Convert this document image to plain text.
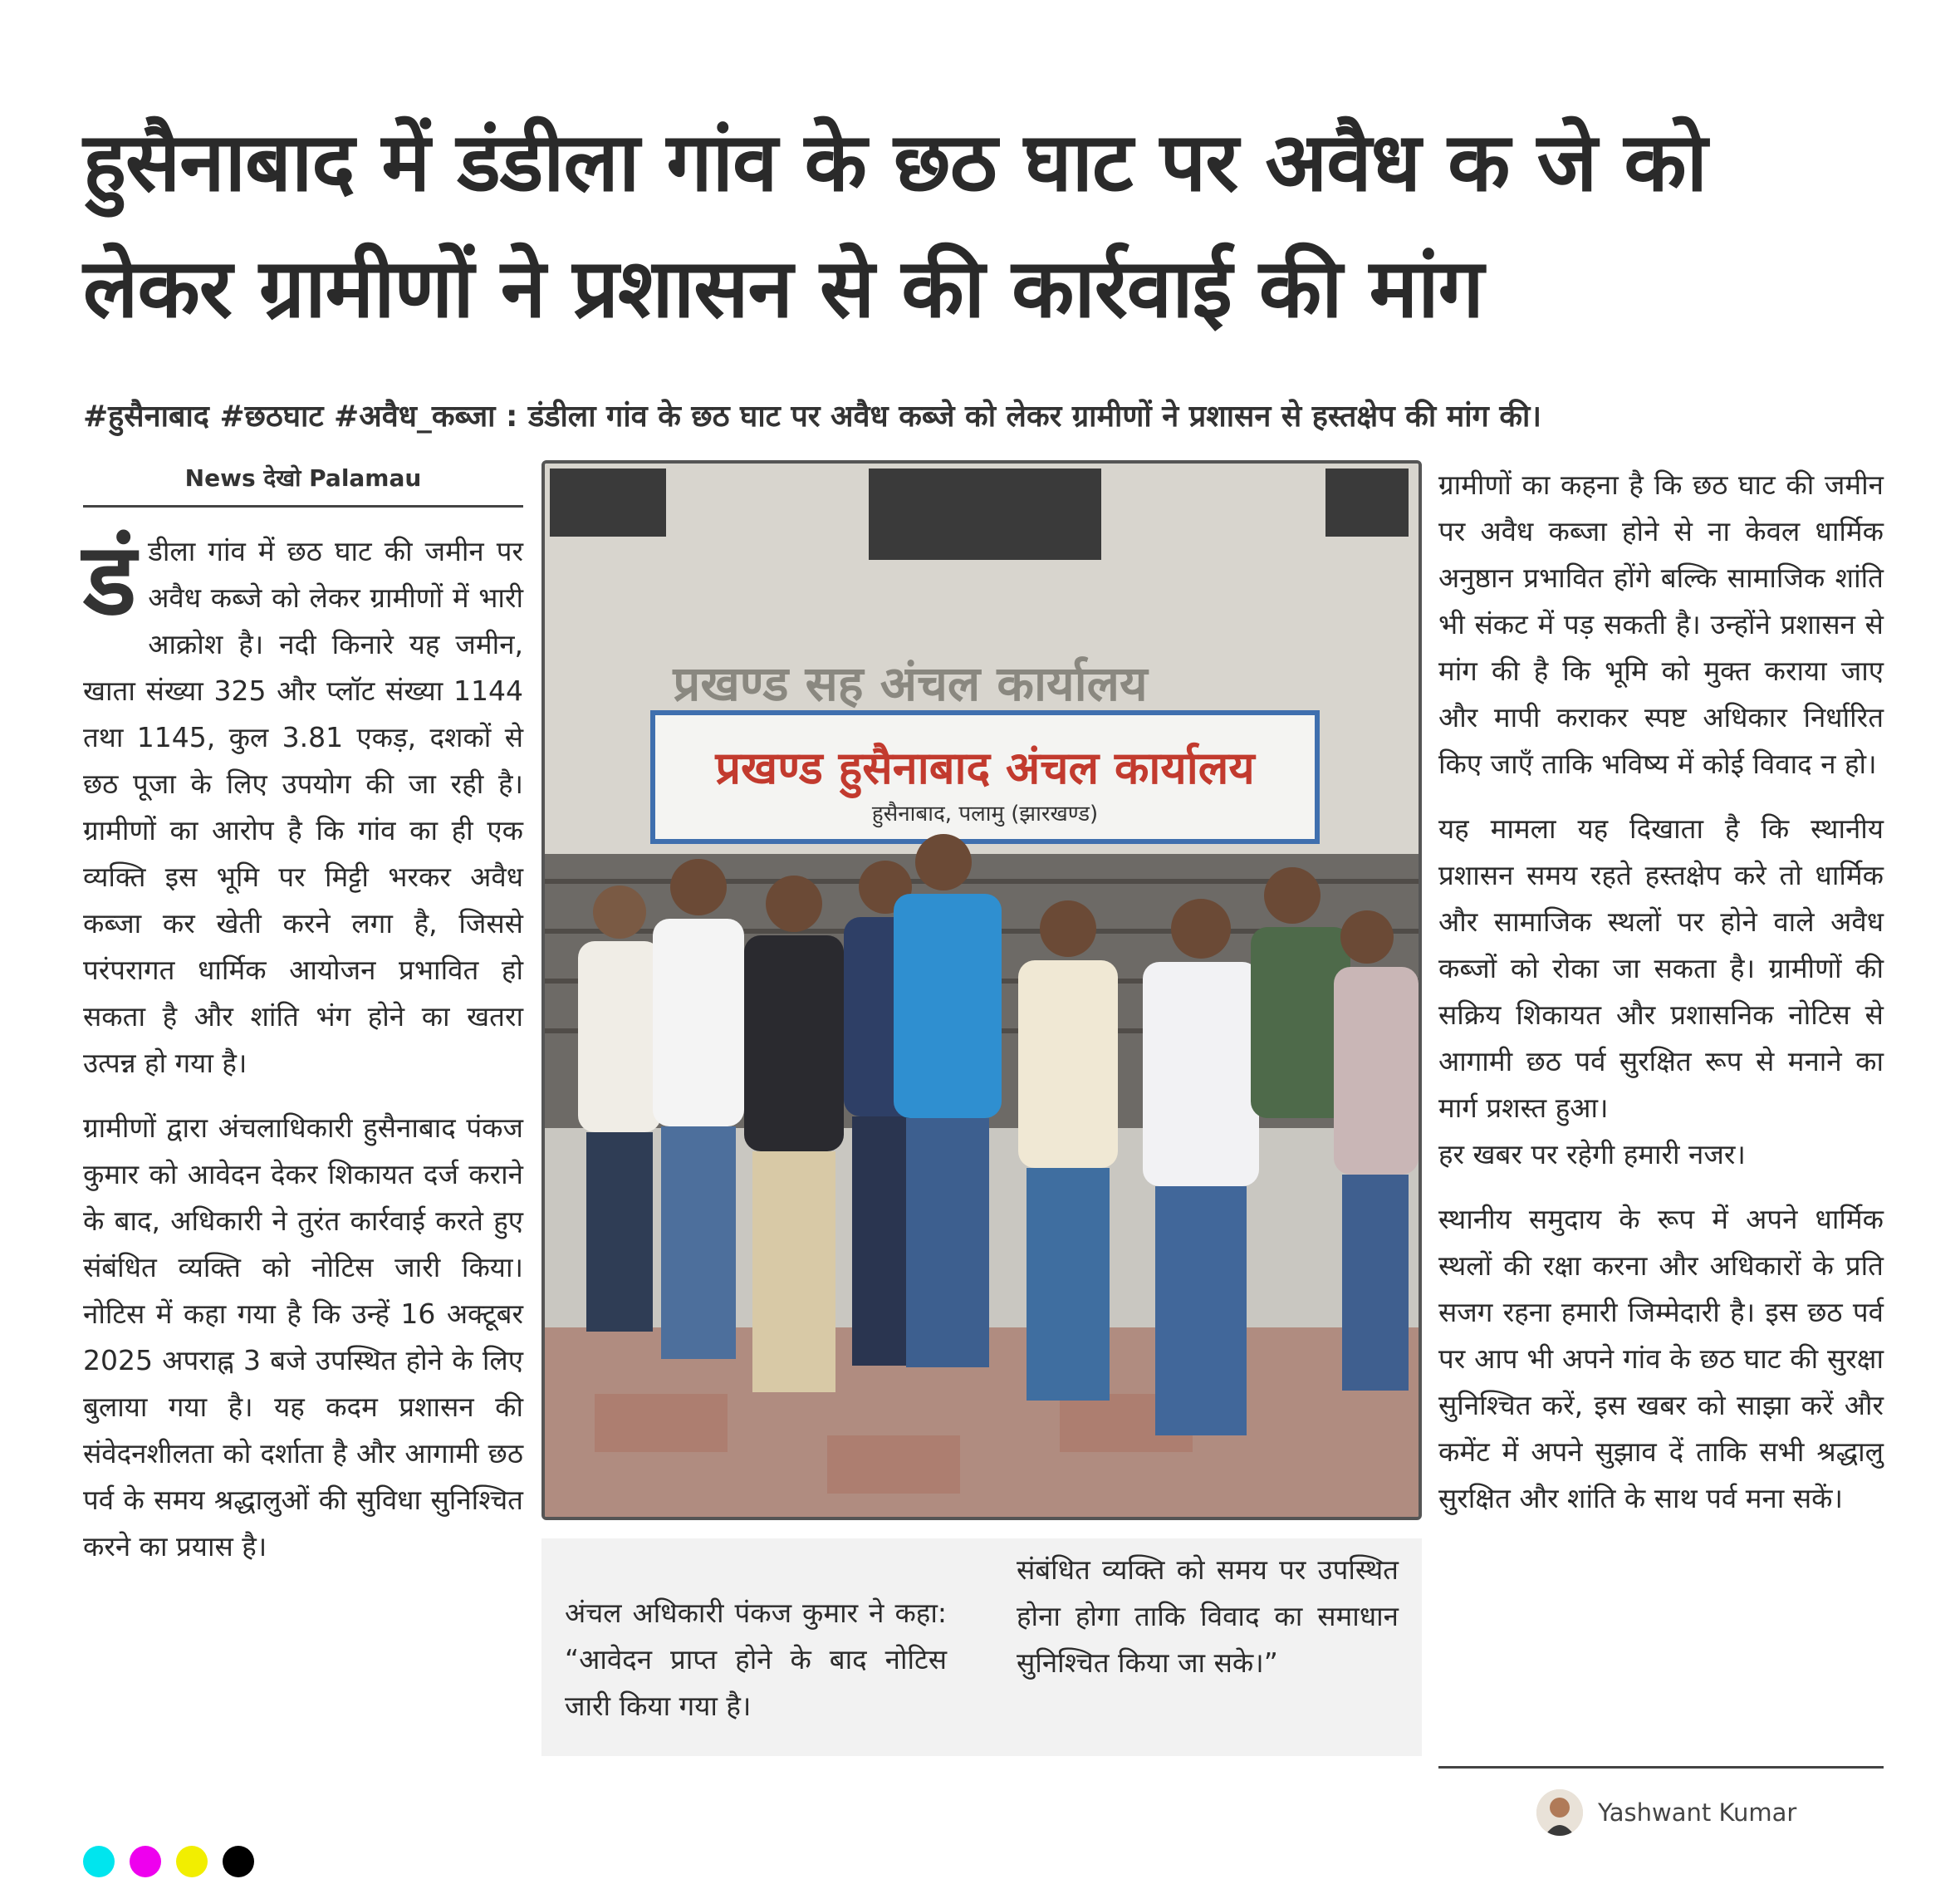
हुसैनाबाद में डंडीला गांव के छठ घाट पर अवैध क जे को
लेकर ग्रामीणों ने प्रशासन से की कार्रवाई की मांग
#हुसैनाबाद #छठघाट #अवैध_कब्जा : डंडीला गांव के छठ घाट पर अवैध कब्जे को लेकर ग्रामीणों ने प्रशासन से हस्तक्षेप की मांग की।
News देखो Palamau

डंडीला गांव में छठ घाट की जमीन पर अवैध कब्जे को लेकर ग्रामीणों में भारी आक्रोश है। नदी किनारे यह जमीन, खाता संख्या 325 और प्लॉट संख्या 1144 तथा 1145, कुल 3.81 एकड़, दशकों से छठ पूजा के लिए उपयोग की जा रही है। ग्रामीणों का आरोप है कि गांव का ही एक व्यक्ति इस भूमि पर मिट्टी भरकर अवैध कब्जा कर खेती करने लगा है, जिससे परंपरागत धार्मिक आयोजन प्रभावित हो सकता है और शांति भंग होने का खतरा उत्पन्न हो गया है।

ग्रामीणों द्वारा अंचलाधिकारी हुसैनाबाद पंकज कुमार को आवेदन देकर शिकायत दर्ज कराने के बाद, अधिकारी ने तुरंत कार्रवाई करते हुए संबंधित व्यक्ति को नोटिस जारी किया। नोटिस में कहा गया है कि उन्हें 16 अक्टूबर 2025 अपराह्न 3 बजे उपस्थित होने के लिए बुलाया गया है। यह कदम प्रशासन की संवेदनशीलता को दर्शाता है और आगामी छठ पर्व के समय श्रद्धालुओं की सुविधा सुनिश्चित करने का प्रयास है।

प्रखण्ड सह अंचल कार्यालय
प्रखण्ड हुसैनाबाद अंचल कार्यालय
हुसैनाबाद, पलामु (झारखण्ड)
अंचल अधिकारी पंकज कुमार ने कहा: “आवेदन प्राप्त होने के बाद नोटिस जारी किया गया है।
संबंधित व्यक्ति को समय पर उपस्थित होना होगा ताकि विवाद का समाधान सुनिश्चित किया जा सके।”

ग्रामीणों का कहना है कि छठ घाट की जमीन पर अवैध कब्जा होने से ना केवल धार्मिक अनुष्ठान प्रभावित होंगे बल्कि सामाजिक शांति भी संकट में पड़ सकती है। उन्होंने प्रशासन से मांग की है कि भूमि को मुक्त कराया जाए और मापी कराकर स्पष्ट अधिकार निर्धारित किए जाएँ ताकि भविष्य में कोई विवाद न हो।

यह मामला यह दिखाता है कि स्थानीय प्रशासन समय रहते हस्तक्षेप करे तो धार्मिक और सामाजिक स्थलों पर होने वाले अवैध कब्जों को रोका जा सकता है। ग्रामीणों की सक्रिय शिकायत और प्रशासनिक नोटिस से आगामी छठ पर्व सुरक्षित रूप से मनाने का मार्ग प्रशस्त हुआ।
हर खबर पर रहेगी हमारी नजर।

स्थानीय समुदाय के रूप में अपने धार्मिक स्थलों की रक्षा करना और अधिकारों के प्रति सजग रहना हमारी जिम्मेदारी है। इस छठ पर्व पर आप भी अपने गांव के छठ घाट की सुरक्षा सुनिश्चित करें, इस खबर को साझा करें और कमेंट में अपने सुझाव दें ताकि सभी श्रद्धालु सुरक्षित और शांति के साथ पर्व मना सकें।

Yashwant Kumar
